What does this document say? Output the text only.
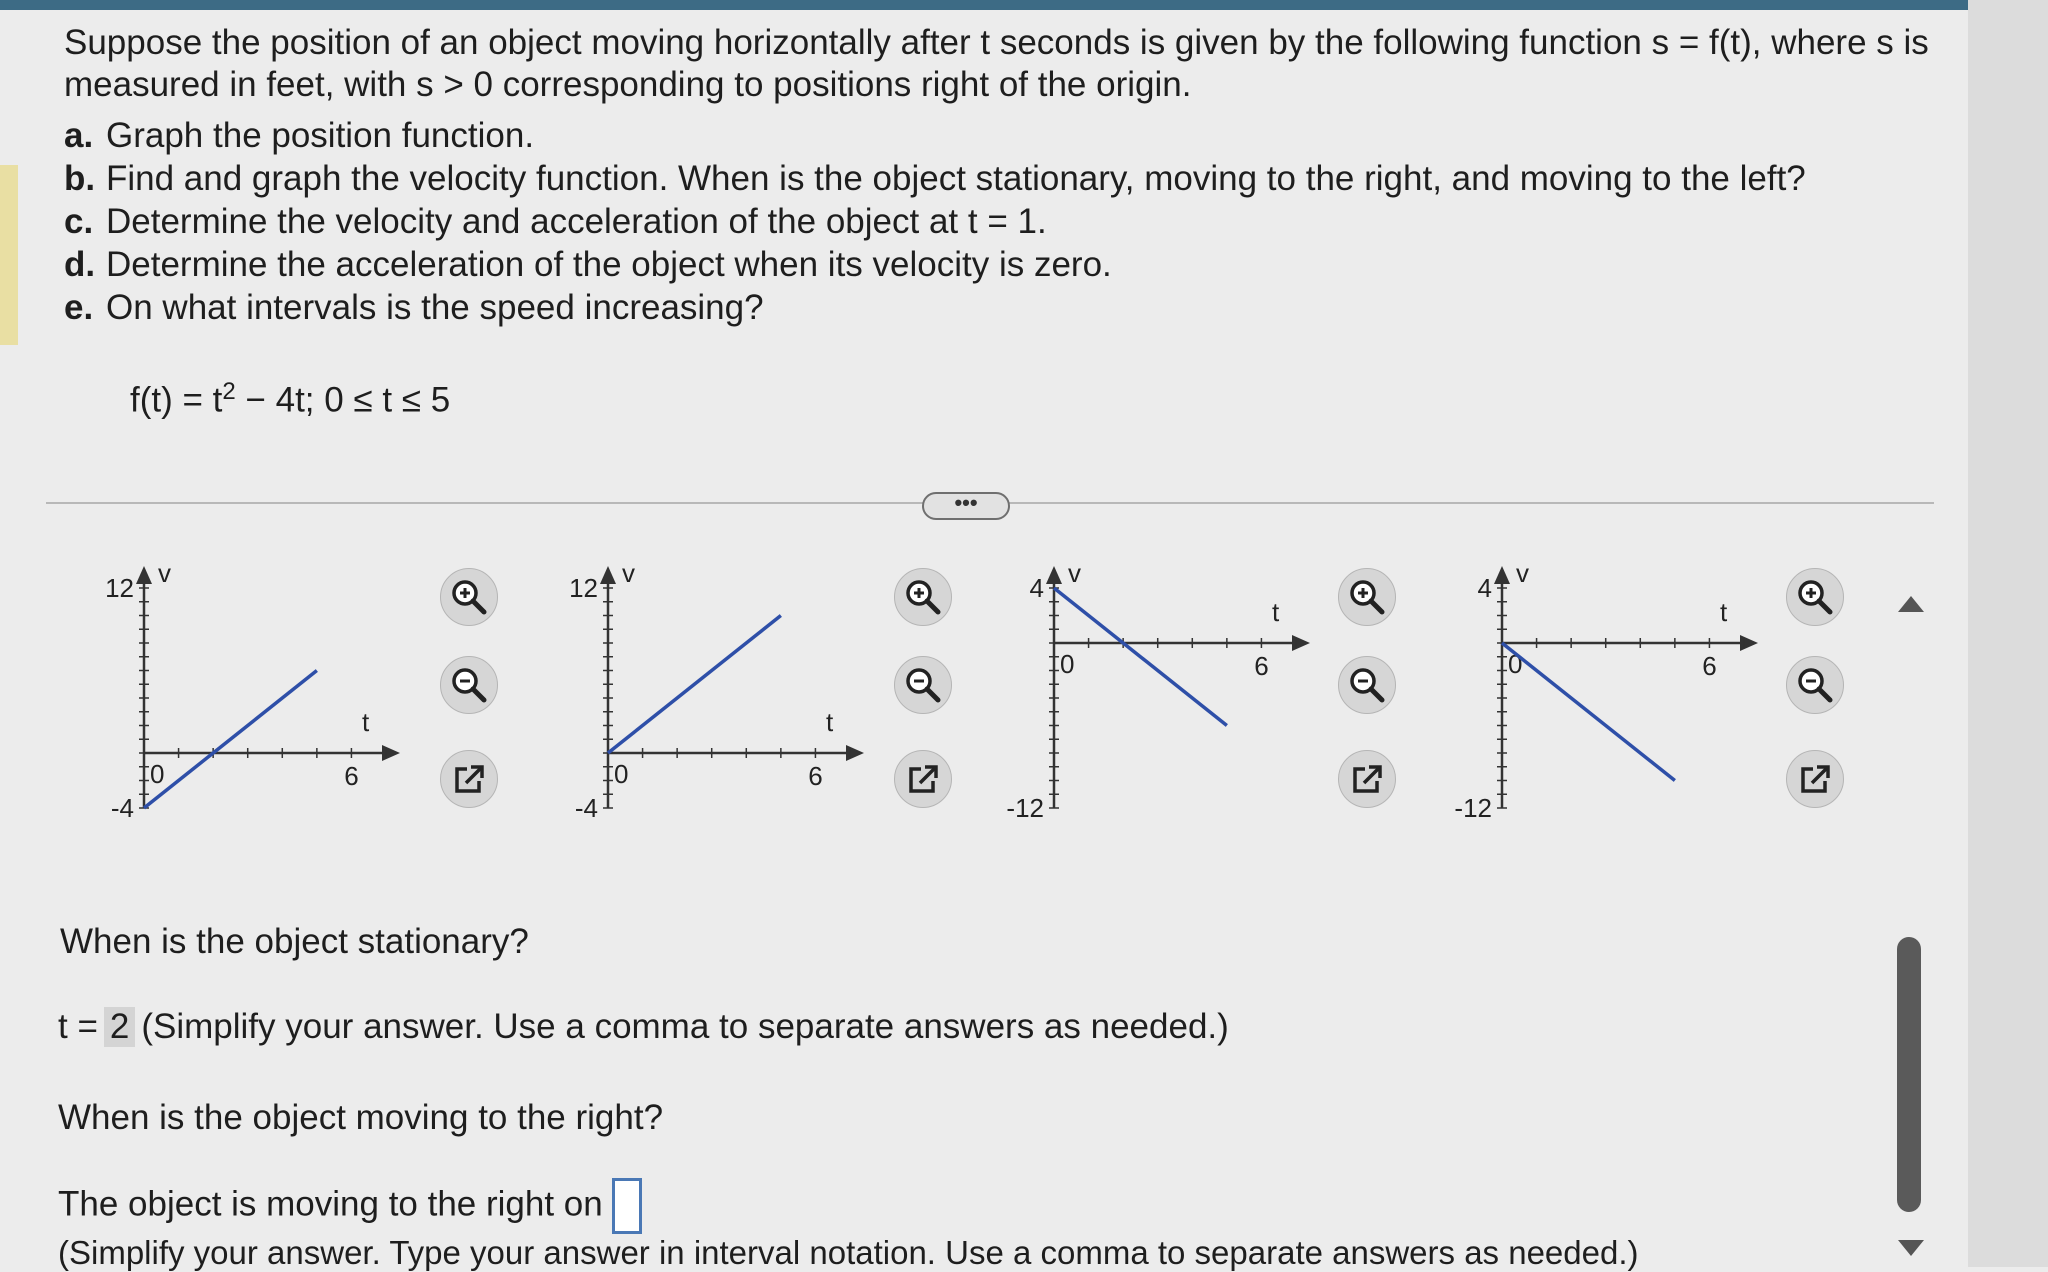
Suppose the position of an object moving horizontally after t seconds is given by the following function s = f(t), where s is measured in feet, with s > 0 corresponding to positions right of the origin.

a. Graph the position function.
b. Find and graph the velocity function. When is the object stationary, moving to the right, and moving to the left?
c. Determine the velocity and acceleration of the object at t = 1.
d. Determine the acceleration of the object when its velocity is zero.
e. On what intervals is the speed increasing?
$f(t) = t^2 - 4t$; 0 ≤ t ≤ 5
•••
v
12
-4
0	6
t
v
12
-4
0	6
t
v
4
-12
0	6
t
v
4
-12
0	6
t
When is the object stationary?
t = 2 (Simplify your answer. Use a comma to separate answers as needed.)
When is the object moving to the right?
The object is moving to the right on
(Simplify your answer. Type your answer in interval notation. Use a comma to separate answers as needed.)
